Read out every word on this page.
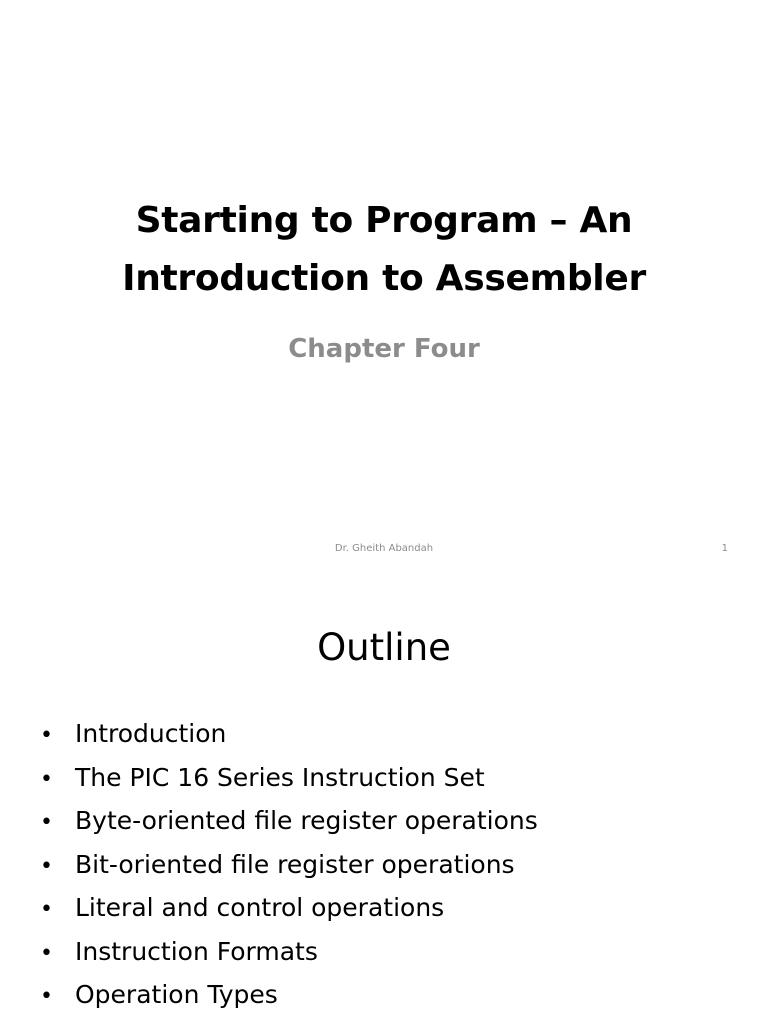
Starting to Program – An
Introduction to Assembler
Chapter Four
Dr. Gheith Abandah	1
Outline
• Introduction
• The PIC 16 Series Instruction Set
• Byte-oriented file register operations
• Bit-oriented file register operations
• Literal and control operations
• Instruction Formats
• Operation Types
